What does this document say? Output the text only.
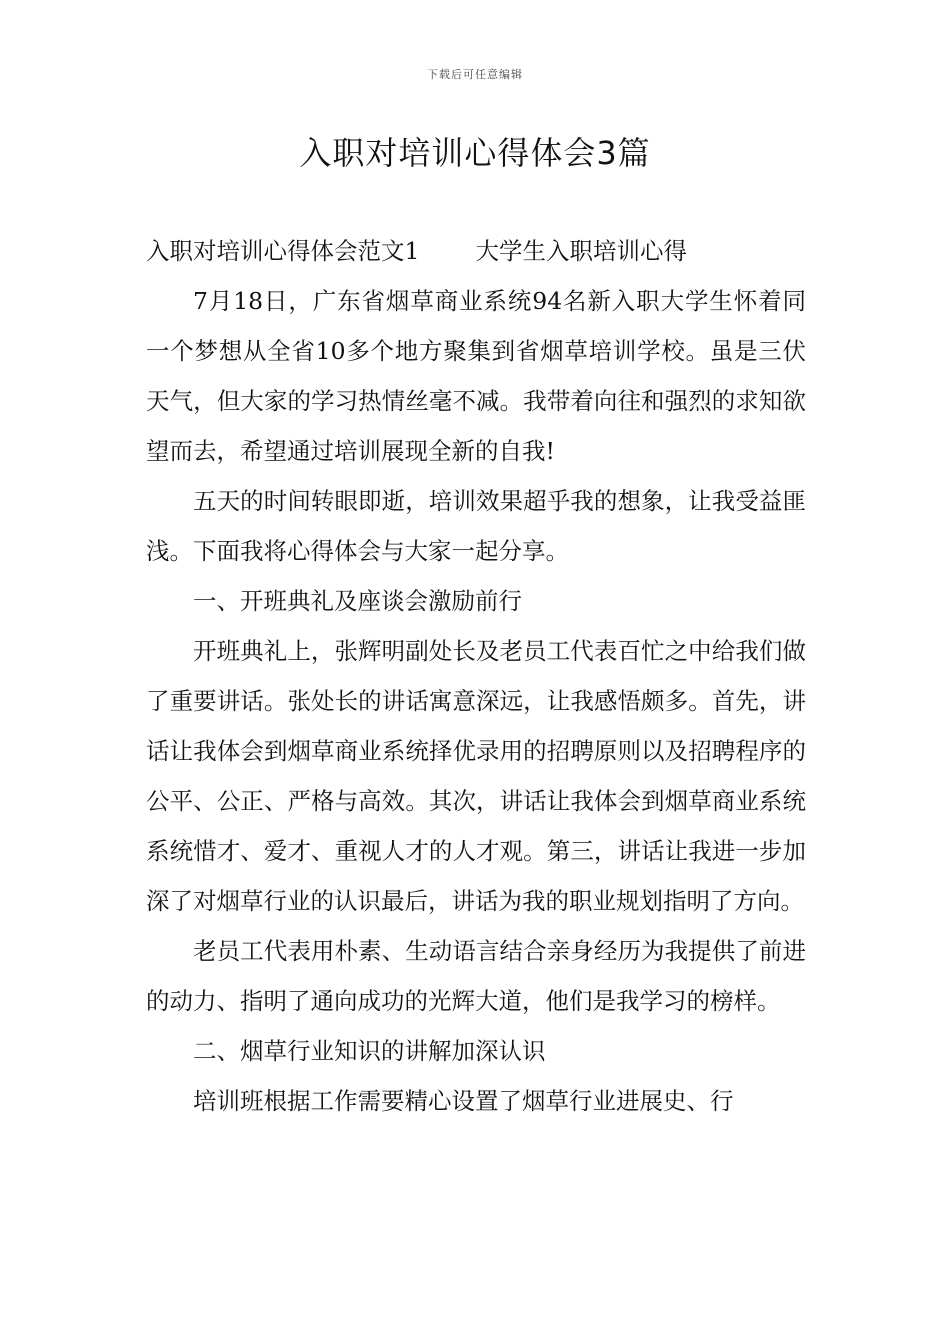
下载后可任意编辑
入职对培训心得体会3篇

入职对培训心得体会范文1 大学生入职培训心得

7月18日，广东省烟草商业系统94名新入职大学生怀着同一个梦想从全省10多个地方聚集到省烟草培训学校。虽是三伏天气，但大家的学习热情丝毫不减。我带着向往和强烈的求知欲望而去，希望通过培训展现全新的自我!

五天的时间转眼即逝，培训效果超乎我的想象，让我受益匪浅。下面我将心得体会与大家一起分享。

一、开班典礼及座谈会激励前行

开班典礼上，张辉明副处长及老员工代表百忙之中给我们做了重要讲话。张处长的讲话寓意深远，让我感悟颇多。首先，讲话让我体会到烟草商业系统择优录用的招聘原则以及招聘程序的公平、公正、严格与高效。其次，讲话让我体会到烟草商业系统系统惜才、爱才、重视人才的人才观。第三，讲话让我进一步加深了对烟草行业的认识最后，讲话为我的职业规划指明了方向。

老员工代表用朴素、生动语言结合亲身经历为我提供了前进的动力、指明了通向成功的光辉大道，他们是我学习的榜样。

二、烟草行业知识的讲解加深认识

培训班根据工作需要精心设置了烟草行业进展史、行
